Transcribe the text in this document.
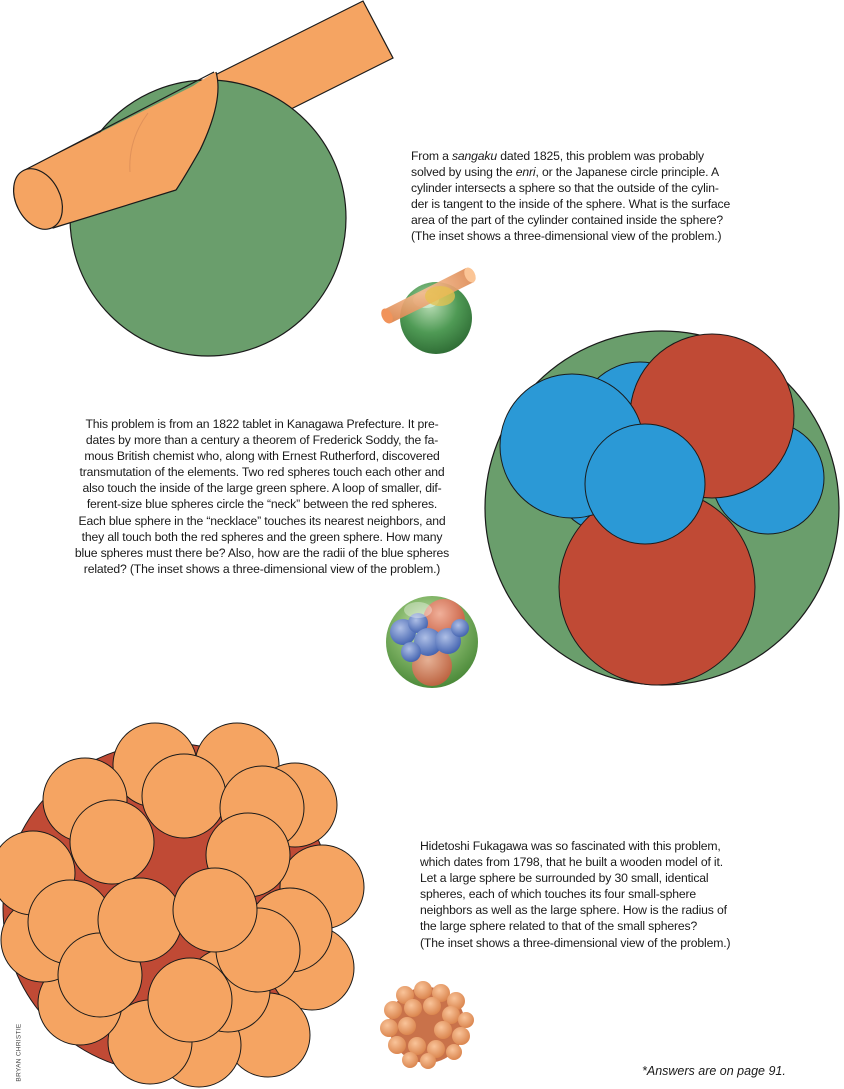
From a sangaku dated 1825, this problem was probably
solved by using the enri, or the Japanese circle principle. A
cylinder intersects a sphere so that the outside of the cylin-
der is tangent to the inside of the sphere. What is the surface
area of the part of the cylinder contained inside the sphere?
(The inset shows a three-dimensional view of the problem.)

This problem is from an 1822 tablet in Kanagawa Prefecture. It pre-
dates by more than a century a theorem of Frederick Soddy, the fa-
mous British chemist who, along with Ernest Rutherford, discovered
transmutation of the elements. Two red spheres touch each other and
also touch the inside of the large green sphere. A loop of smaller, dif-
ferent-size blue spheres circle the “neck” between the red spheres.
Each blue sphere in the “necklace” touches its nearest neighbors, and
they all touch both the red spheres and the green sphere. How many
blue spheres must there be? Also, how are the radii of the blue spheres
related? (The inset shows a three-dimensional view of the problem.)

Hidetoshi Fukagawa was so fascinated with this problem,
which dates from 1798, that he built a wooden model of it.
Let a large sphere be surrounded by 30 small, identical
spheres, each of which touches its four small-sphere
neighbors as well as the large sphere. How is the radius of
the large sphere related to that of the small spheres?
(The inset shows a three-dimensional view of the problem.)

BRYAN CHRISTIE	*Answers are on page 91.
